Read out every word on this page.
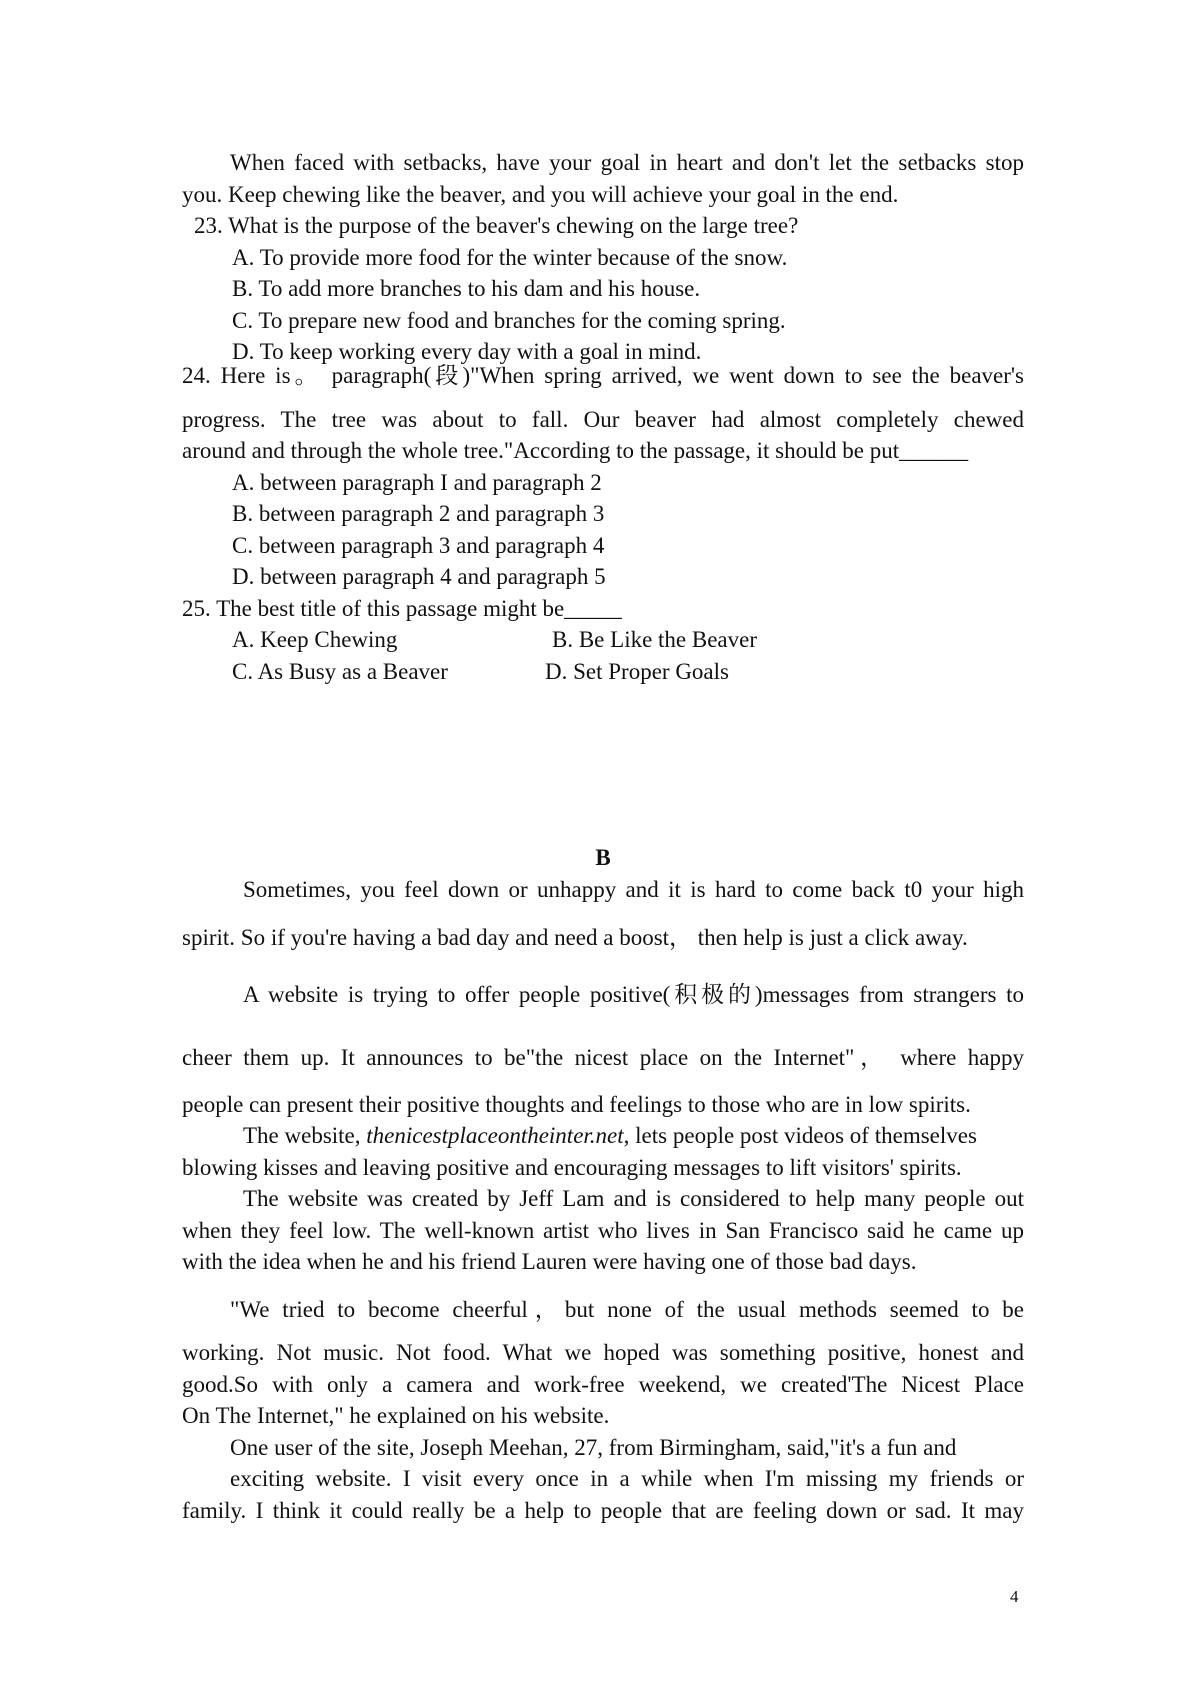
When faced with setbacks, have your goal in heart and don't let the setbacks stop

you. Keep chewing like the beaver, and you will achieve your goal in the end.

23. What is the purpose of the beaver's chewing on the large tree?

A. To provide more food for the winter because of the snow.

B. To add more branches to his dam and his house.

C. To prepare new food and branches for the coming spring.

D. To keep working every day with a goal in mind.

24. Here is。 paragraph(段)"When spring arrived, we went down to see the beaver's

progress. The tree was about to fall. Our beaver had almost completely chewed

around and through the whole tree."According to the passage, it should be put______

A. between paragraph I and paragraph 2

B. between paragraph 2 and paragraph 3

C. between paragraph 3 and paragraph 4

D. between paragraph 4 and paragraph 5

25. The best title of this passage might be_____

A. Keep Chewing	B. Be Like the Beaver
C. As Busy as a Beaver	D. Set Proper Goals

B

Sometimes, you feel down or unhappy and it is hard to come back t0 your high

spirit. So if you're having a bad day and need a boost， then help is just a click away.

A website is trying to offer people positive(积极的)messages from strangers to

cheer them up. It announces to be"the nicest place on the Internet"， where happy

people can present their positive thoughts and feelings to those who are in low spirits.

The website, thenicestplaceontheinter.net, lets people post videos of themselves

blowing kisses and leaving positive and encouraging messages to lift visitors' spirits.

The website was created by Jeff Lam and is considered to help many people out

when they feel low. The well-known artist who lives in San Francisco said he came up

with the idea when he and his friend Lauren were having one of those bad days.

"We tried to become cheerful，but none of the usual methods seemed to be

working. Not music. Not food. What we hoped was something positive, honest and

good.So with only a camera and work-free weekend, we created'The Nicest Place

On The Internet," he explained on his website.

One user of the site, Joseph Meehan, 27, from Birmingham, said,"it's a fun and

exciting website. I visit every once in a while when I'm missing my friends or

family. I think it could really be a help to people that are feeling down or sad. It may

4
